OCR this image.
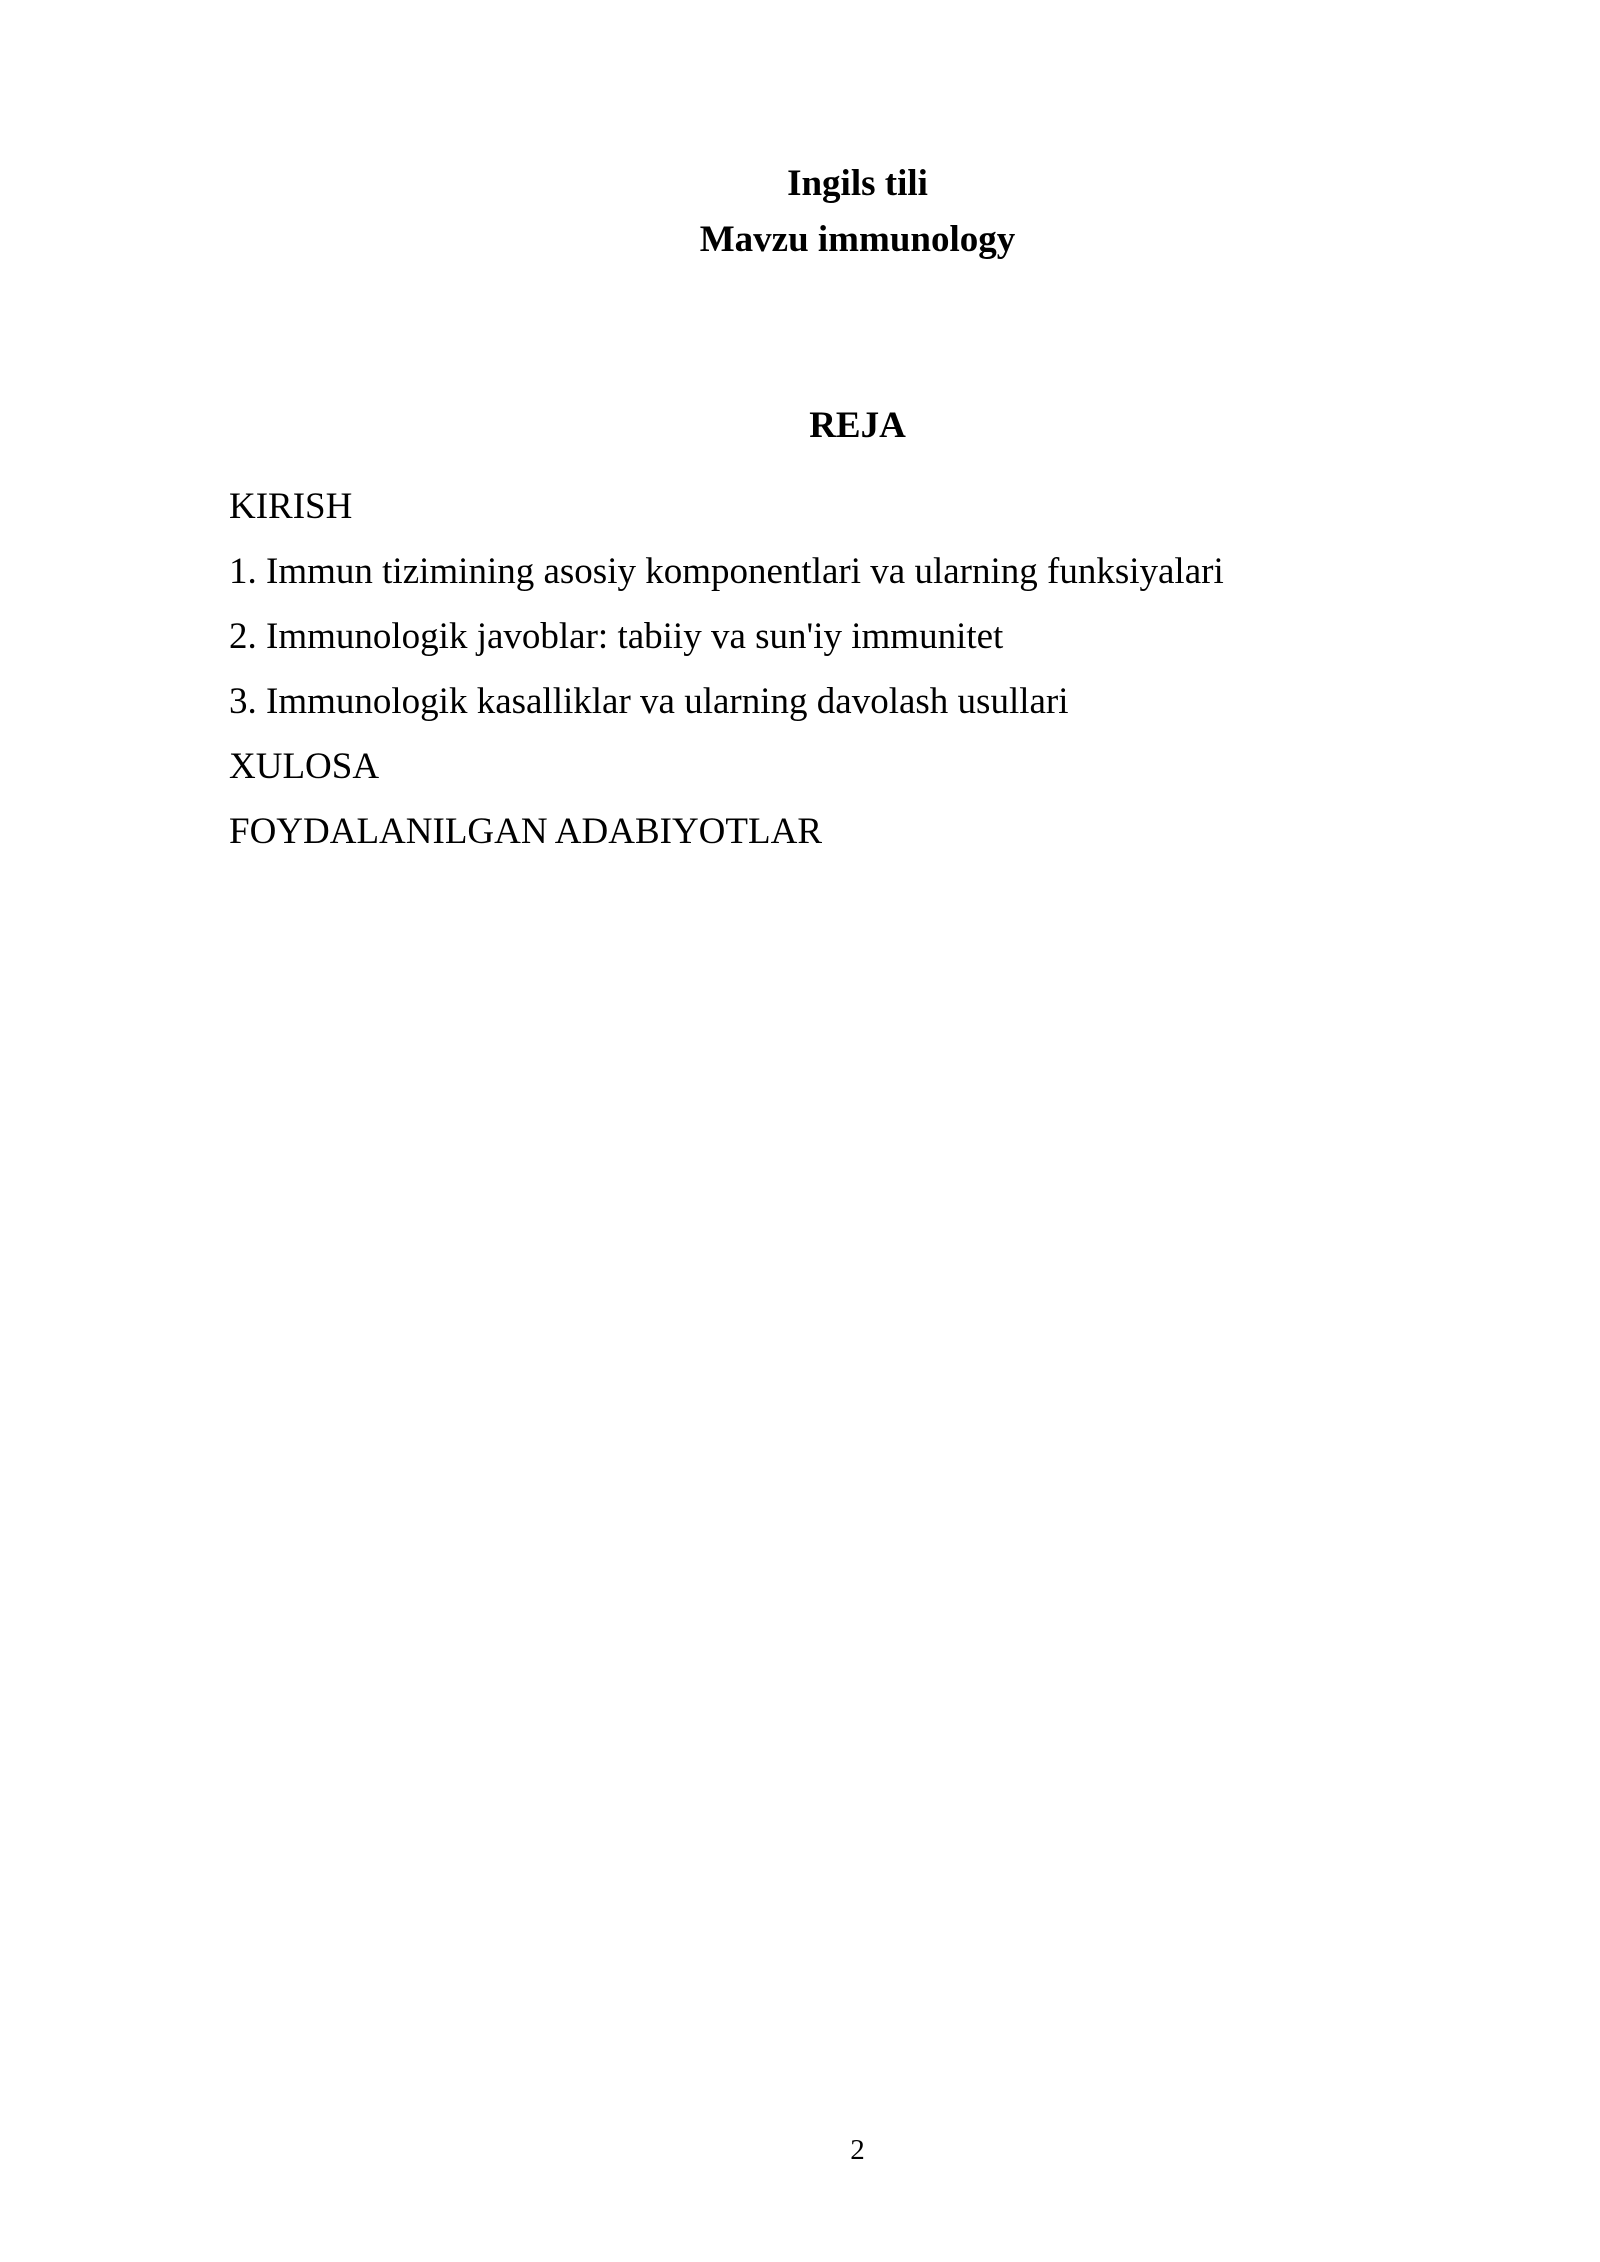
Ingils tili
Mavzu immunology
REJA
KIRISH
1. Immun tizimining asosiy komponentlari va ularning funksiyalari
2. Immunologik javoblar: tabiiy va sun'iy immunitet
3. Immunologik kasalliklar va ularning davolash usullari
XULOSA
FOYDALANILGAN ADABIYOTLAR
2
